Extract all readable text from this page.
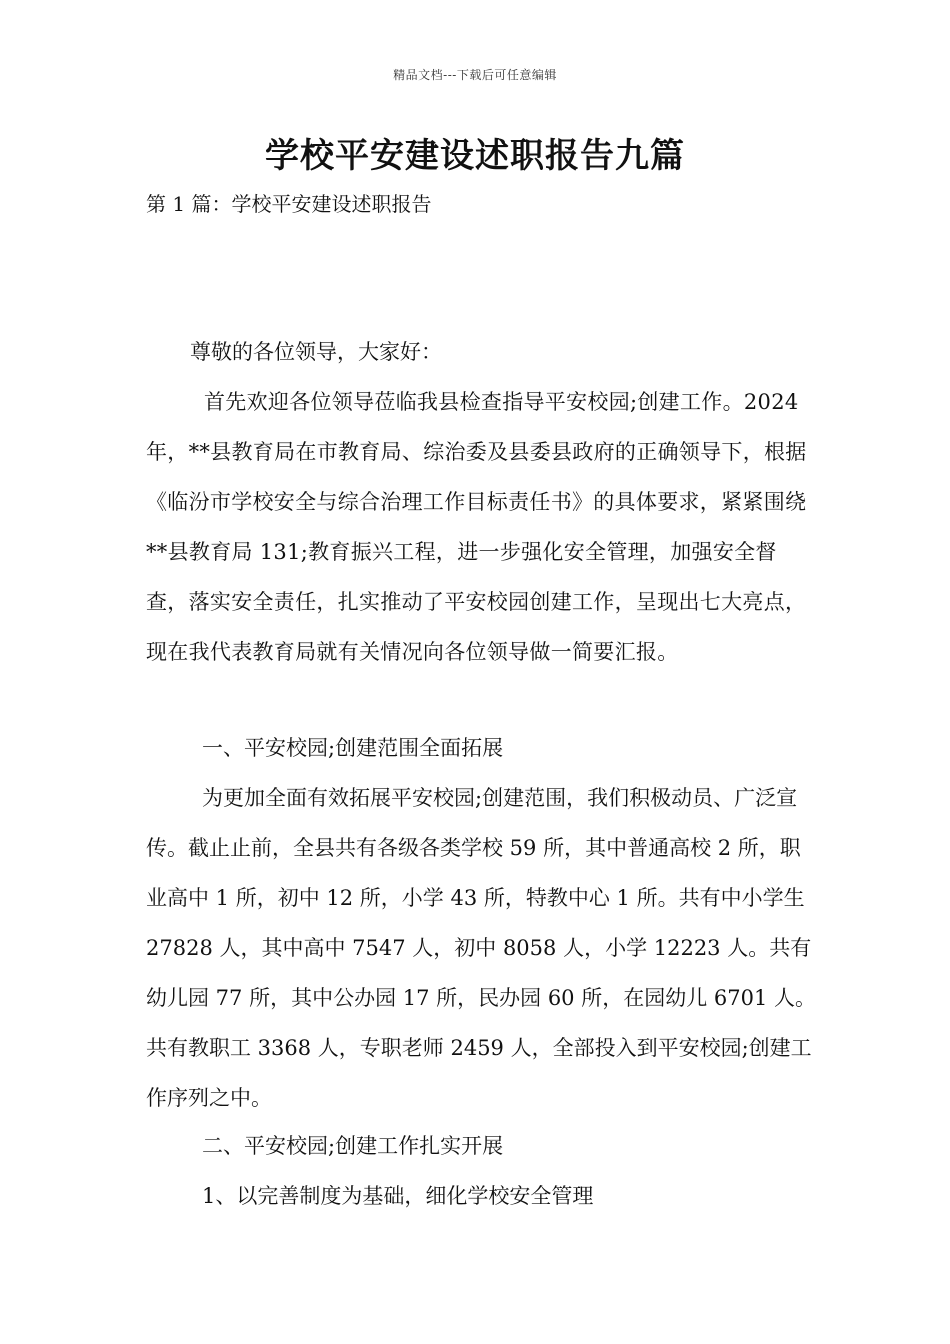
精品文档---下载后可任意编辑
学校平安建设述职报告九篇
第 1 篇：学校平安建设述职报告

尊敬的各位领导，大家好：

首先欢迎各位领导莅临我县检查指导平安校园;创建工作。2024 年，**县教育局在市教育局、综治委及县委县政府的正确领导下，根据《临汾市学校安全与综合治理工作目标责任书》的具体要求，紧紧围绕**县教育局 131;教育振兴工程，进一步强化安全管理，加强安全督查，落实安全责任，扎实推动了平安校园创建工作，呈现出七大亮点，现在我代表教育局就有关情况向各位领导做一简要汇报。

一、平安校园;创建范围全面拓展

为更加全面有效拓展平安校园;创建范围，我们积极动员、广泛宣传。截止止前，全县共有各级各类学校 59 所，其中普通高校 2 所，职业高中 1 所，初中 12 所，小学 43 所，特教中心 1 所。共有中小学生 27828 人，其中高中 7547 人，初中 8058 人，小学 12223 人。共有幼儿园 77 所，其中公办园 17 所，民办园 60 所，在园幼儿 6701 人。共有教职工 3368 人，专职老师 2459 人，全部投入到平安校园;创建工作序列之中。

二、平安校园;创建工作扎实开展

1、以完善制度为基础，细化学校安全管理
